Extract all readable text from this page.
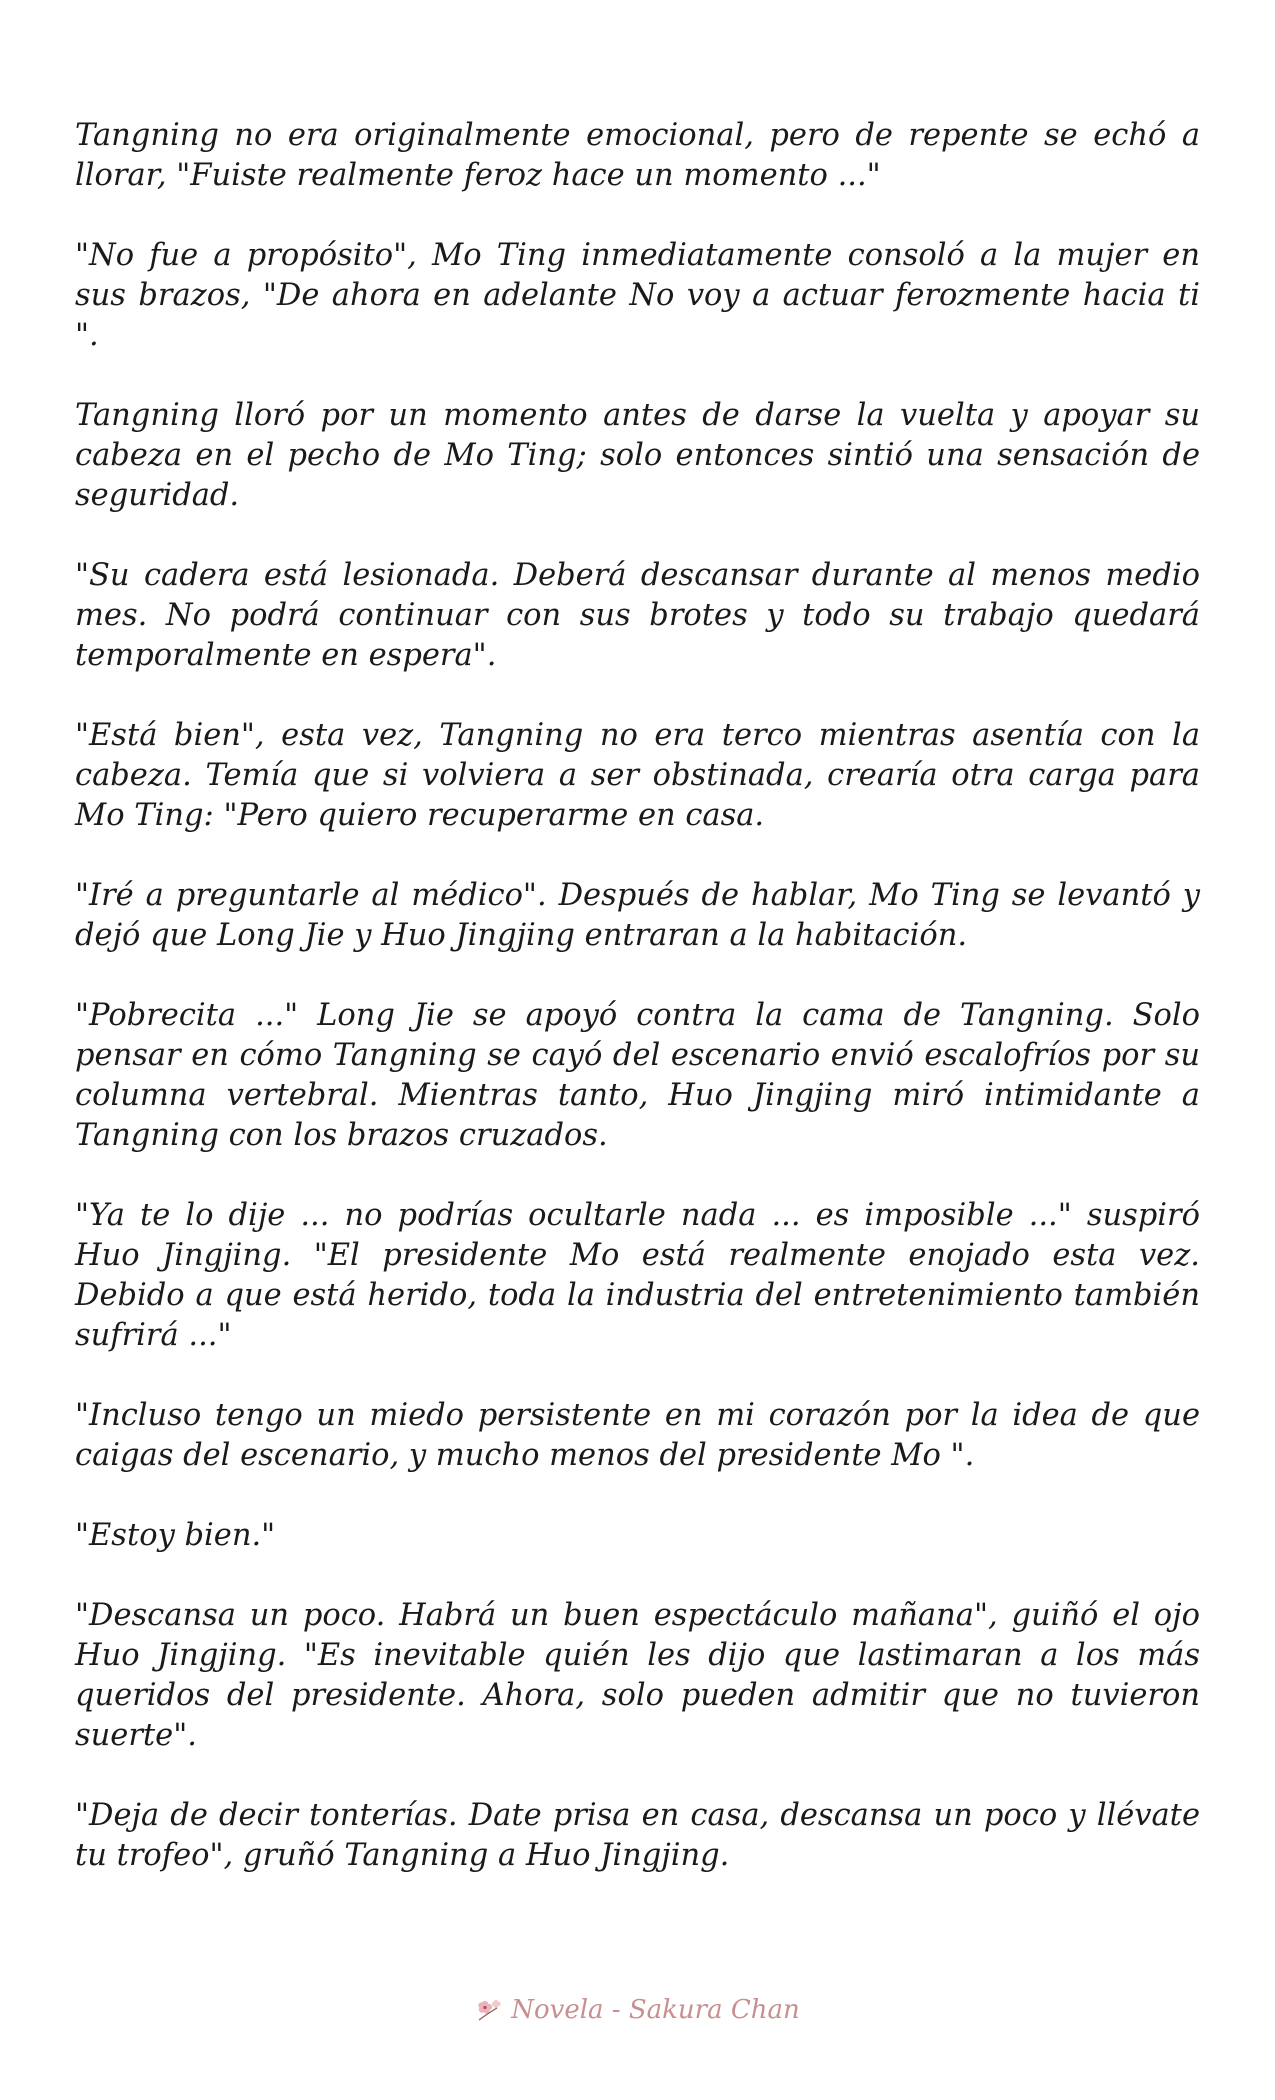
Tangning no era originalmente emocional, pero de repente se echó a llorar, "Fuiste realmente feroz hace un momento ..."

"No fue a propósito", Mo Ting inmediatamente consoló a la mujer en sus brazos, "De ahora en adelante No voy a actuar ferozmente hacia ti ".

Tangning lloró por un momento antes de darse la vuelta y apoyar su cabeza en el pecho de Mo Ting; solo entonces sintió una sensación de seguridad.

"Su cadera está lesionada. Deberá descansar durante al menos medio mes. No podrá continuar con sus brotes y todo su trabajo quedará temporalmente en espera".

"Está bien", esta vez, Tangning no era terco mientras asentía con la cabeza. Temía que si volviera a ser obstinada, crearía otra carga para Mo Ting: "Pero quiero recuperarme en casa.

"Iré a preguntarle al médico". Después de hablar, Mo Ting se levantó y dejó que Long Jie y Huo Jingjing entraran a la habitación.

"Pobrecita ..." Long Jie se apoyó contra la cama de Tangning. Solo pensar en cómo Tangning se cayó del escenario envió escalofríos por su columna vertebral. Mientras tanto, Huo Jingjing miró intimidante a Tangning con los brazos cruzados.

"Ya te lo dije ... no podrías ocultarle nada ... es imposible ..." suspiró Huo Jingjing. "El presidente Mo está realmente enojado esta vez. Debido a que está herido, toda la industria del entretenimiento también sufrirá ..."

"Incluso tengo un miedo persistente en mi corazón por la idea de que caigas del escenario, y mucho menos del presidente Mo ".

"Estoy bien."

"Descansa un poco. Habrá un buen espectáculo mañana", guiñó el ojo Huo Jingjing. "Es inevitable quién les dijo que lastimaran a los más queridos del presidente. Ahora, solo pueden admitir que no tuvieron suerte".

"Deja de decir tonterías. Date prisa en casa, descansa un poco y llévate tu trofeo", gruñó Tangning a Huo Jingjing.

Novela - Sakura Chan
